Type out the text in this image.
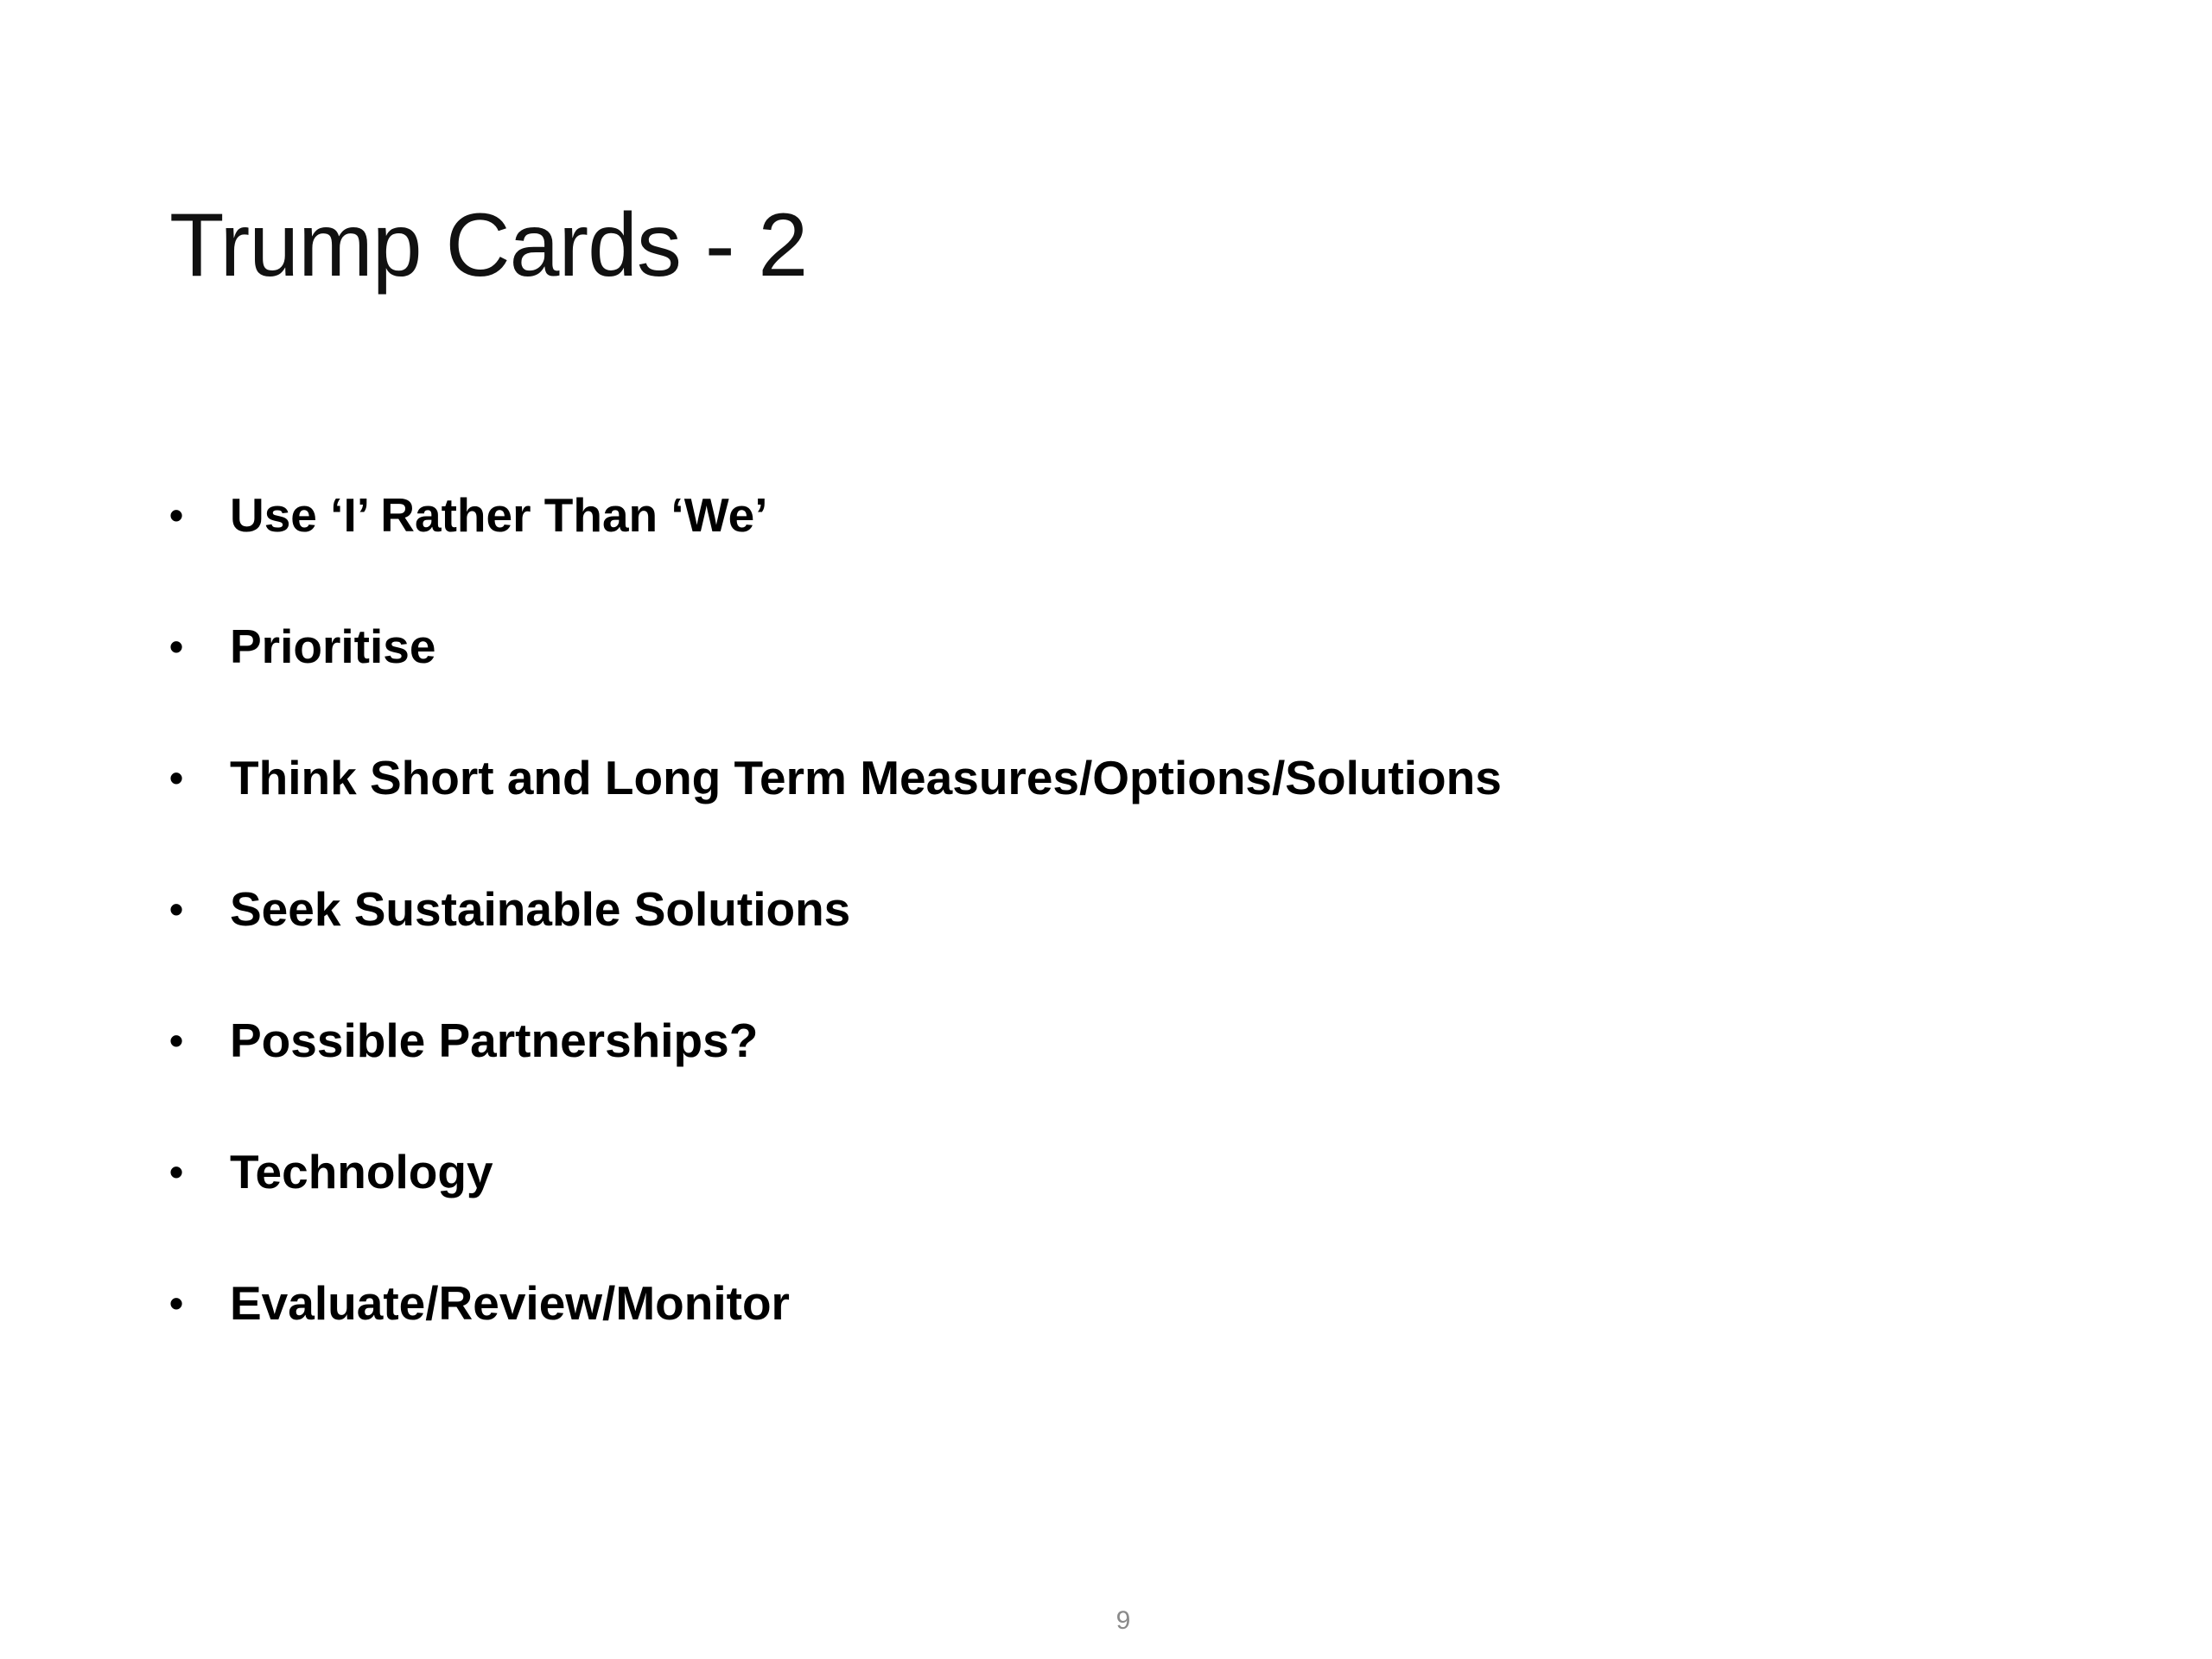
Trump Cards - 2
• Use ‘I’ Rather Than ‘We’
• Prioritise
• Think Short and Long Term Measures/Options/Solutions
• Seek Sustainable Solutions
• Possible Partnerships?
• Technology
• Evaluate/Review/Monitor
9
